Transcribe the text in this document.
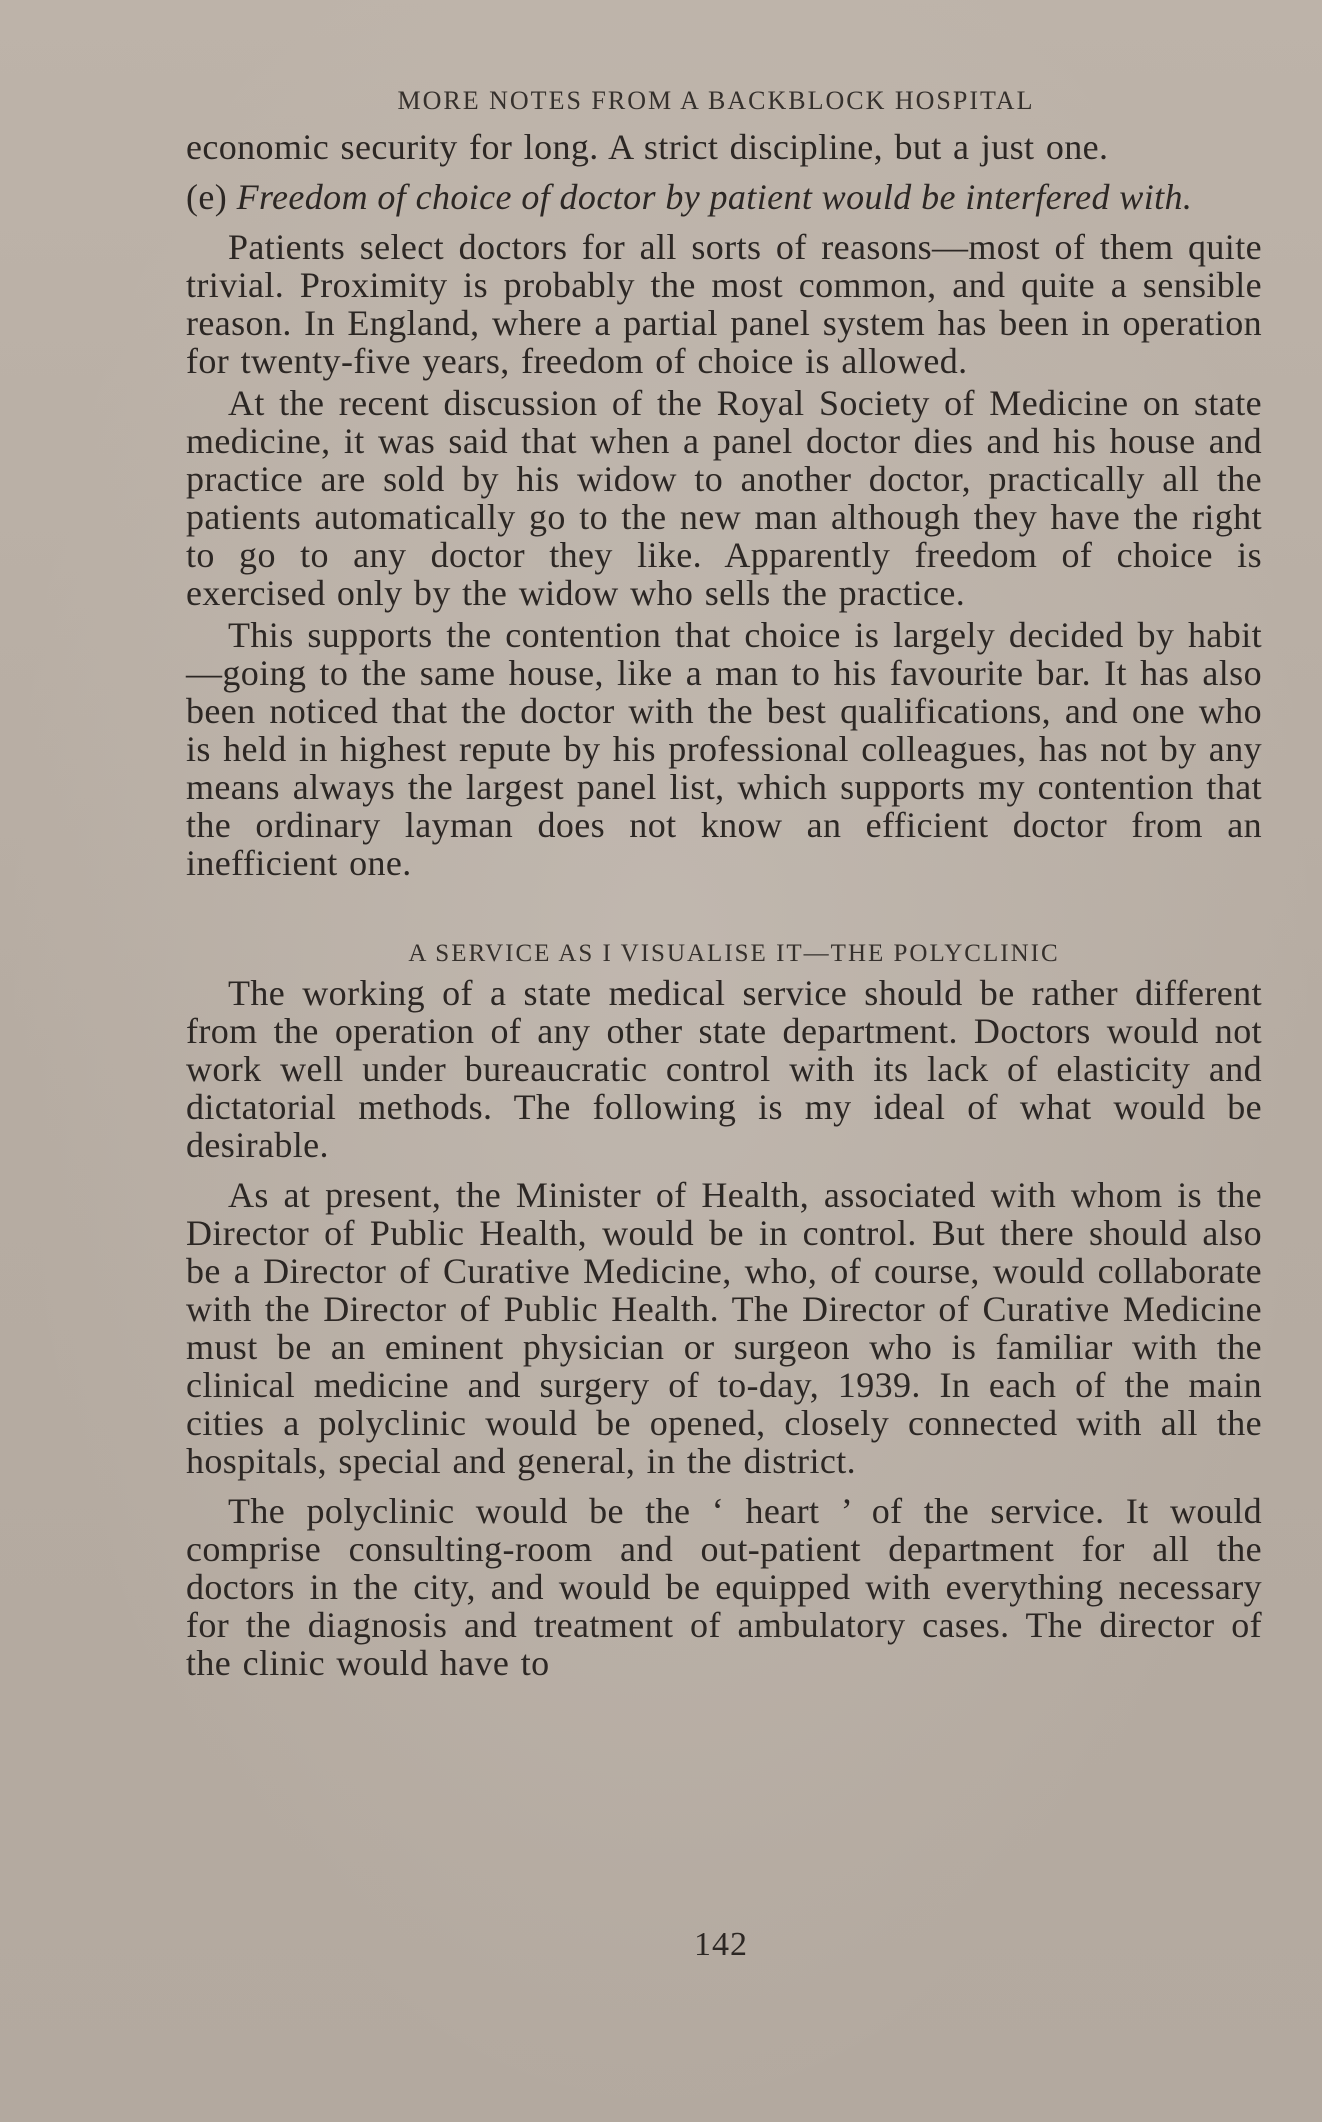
MORE NOTES FROM A BACKBLOCK HOSPITAL

economic security for long. A strict discipline, but a just one.

(e) Freedom of choice of doctor by patient would be interfered with.

Patients select doctors for all sorts of reasons—most of them quite trivial. Proximity is probably the most common, and quite a sensible reason. In England, where a partial panel system has been in operation for twenty-five years, freedom of choice is allowed.

At the recent discussion of the Royal Society of Medicine on state medicine, it was said that when a panel doctor dies and his house and practice are sold by his widow to another doctor, practically all the patients automatically go to the new man although they have the right to go to any doctor they like. Apparently freedom of choice is exercised only by the widow who sells the practice.

This supports the contention that choice is largely decided by habit—going to the same house, like a man to his favourite bar. It has also been noticed that the doctor with the best qualifications, and one who is held in highest repute by his professional colleagues, has not by any means always the largest panel list, which supports my contention that the ordinary layman does not know an efficient doctor from an inefficient one.

A SERVICE AS I VISUALISE IT—THE POLYCLINIC

The working of a state medical service should be rather different from the operation of any other state department. Doctors would not work well under bureaucratic control with its lack of elasticity and dictatorial methods. The following is my ideal of what would be desirable.

As at present, the Minister of Health, associated with whom is the Director of Public Health, would be in control. But there should also be a Director of Curative Medicine, who, of course, would collaborate with the Director of Public Health. The Director of Curative Medicine must be an eminent physician or surgeon who is familiar with the clinical medicine and surgery of to-day, 1939. In each of the main cities a polyclinic would be opened, closely connected with all the hospitals, special and general, in the district.

The polyclinic would be the ‘ heart ’ of the service. It would comprise consulting-room and out-patient department for all the doctors in the city, and would be equipped with everything necessary for the diagnosis and treatment of ambulatory cases. The director of the clinic would have to

142
